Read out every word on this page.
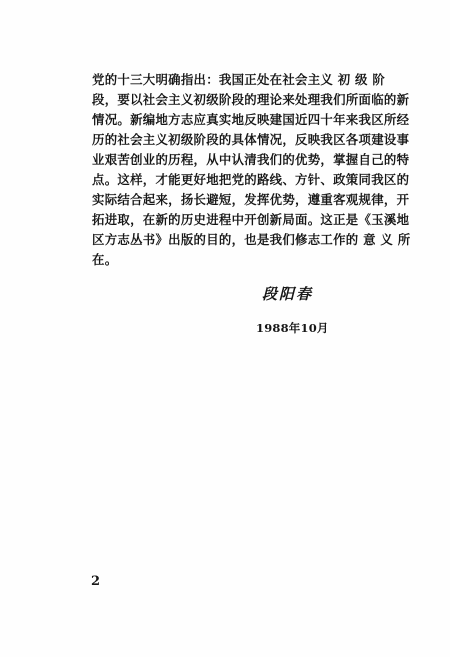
党的十三大明确指出：我国正处在社会主义 初 级 阶
段，要以社会主义初级阶段的理论来处理我们所面临的新
情况。新编地方志应真实地反映建国近四十年来我区所经
历的社会主义初级阶段的具体情况，反映我区各项建设事
业艰苦创业的历程，从中认清我们的优势，掌握自己的特
点。这样，才能更好地把党的路线、方针、政策同我区的
实际结合起来，扬长避短，发挥优势，遵重客观规律，开
拓进取，在新的历史进程中开创新局面。这正是《玉溪地
区方志丛书》出版的目的，也是我们修志工作的 意 义 所
在。
段阳春
1988年10月
2
